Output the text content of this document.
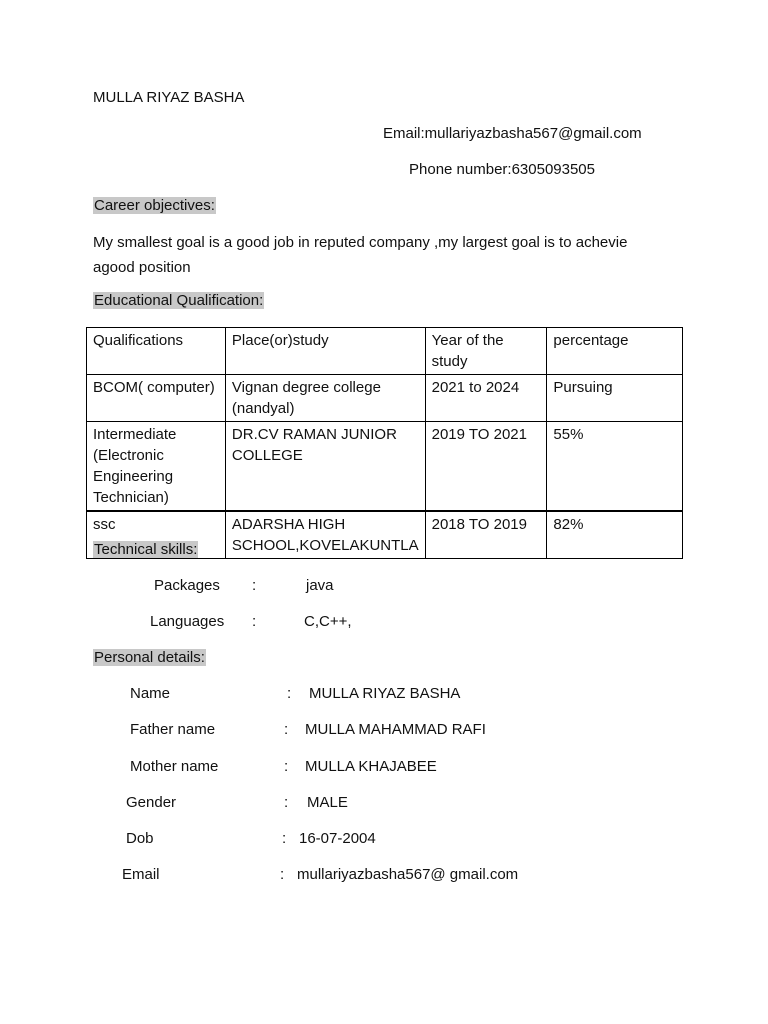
MULLA RIYAZ BASHA
Email:mullariyazbasha567@gmail.com
Phone number:6305093505
Career objectives:
My smallest goal is a good job in reputed company ,my largest goal is to achevie agood position
Educational Qualification:
Qualifications	Place(or)study	Year of the study	percentage
BCOM( computer)	Vignan degree college (nandyal)	2021 to 2024	Pursuing
Intermediate (Electronic Engineering Technician)	DR.CV RAMAN JUNIOR COLLEGE	2019 TO 2021	55%
ssc	ADARSHA HIGH SCHOOL,KOVELAKUNTLA	2018 TO 2019	82%
Technical skills:
Packages :	java
Languages :	C,C++,
Personal details:
Name	: MULLA RIYAZ BASHA
Father name	: MULLA MAHAMMAD RAFI
Mother name	: MULLA KHAJABEE
Gender	: MALE
Dob	: 16-07-2004
Email	: mullariyazbasha567@ gmail.com
